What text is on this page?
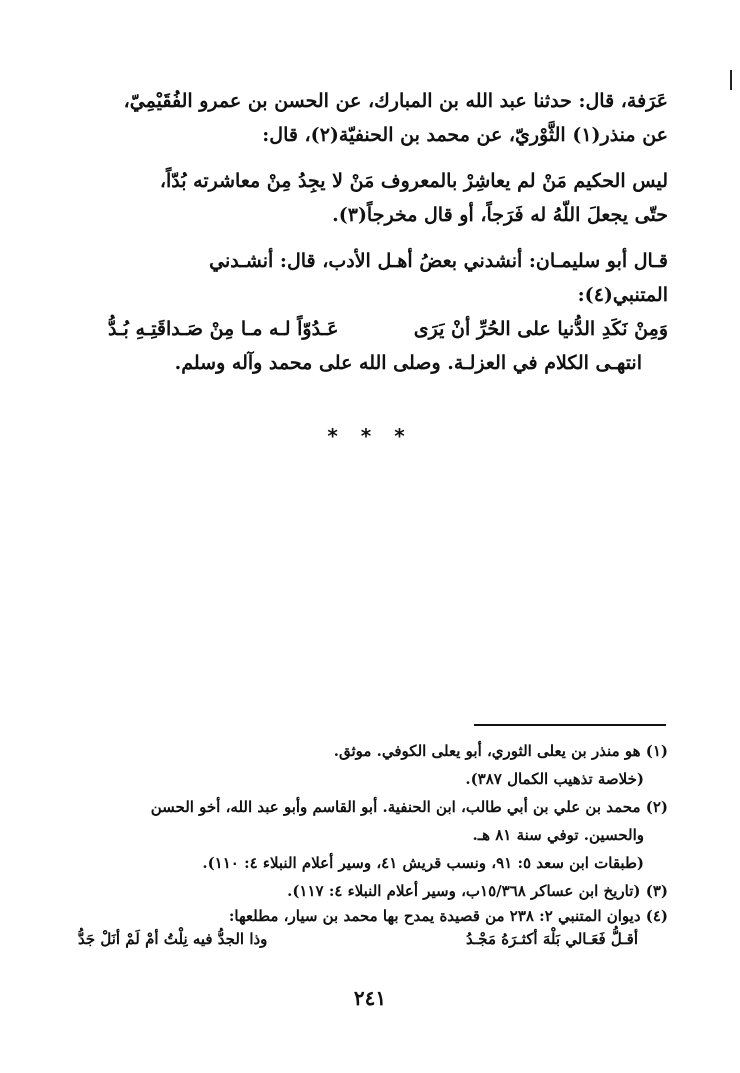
عَرَفة، قال: حدثنا عبد الله بن المبارك، عن الحسن بن عمرو الفُقَيْمِيّ،
عن منذر(١) الثَّوْريّ، عن محمد بن الحنفيّة(٢)، قال:
ليس الحكيم مَنْ لم يعاشِرْ بالمعروف مَنْ لا يجِدُ مِنْ معاشرته بُدّاً،
حتّى يجعلَ اللّهُ له فَرَجاً، أو قال مخرجاً(٣).
قـال أبو سليمـان: أنشدني بعضُ أهـل الأدب، قال: أنشـدني
المتنبي(٤):
وَمِنْ نَكَدِ الدُّنيا على الحُرِّ أنْ يَرَى
عَـدُوّاً لـه مـا مِنْ صَـداقَتِـهِ بُـدُّ
انتهـى الكلام في العزلـة. وصلى الله على محمد وآله وسلم.
* * *
(١) هو منذر بن يعلى الثوري، أبو يعلى الكوفي. موثق.
(خلاصة تذهيب الكمال ٣٨٧).
(٢) محمد بن علي بن أبي طالب، ابن الحنفية. أبو القاسم وأبو عبد الله، أخو الحسن
والحسين. توفي سنة ٨١ هـ.
(طبقات ابن سعد ٥: ٩١، ونسب قريش ٤١، وسير أعلام النبلاء ٤: ١١٠).
(٣) (تاريخ ابن عساكر ١٥/٣٦٨ب، وسير أعلام النبلاء ٤: ١١٧).
(٤) ديوان المتنبي ٢: ٢٣٨ من قصيدة يمدح بها محمد بن سيار، مطلعها:
أقـلُّ فَعَـالي بَلْهَ أكثـرَهُ مَجْـدُ
وذا الجدُّ فيه نِلْتُ أمْ لَمْ أنَلْ جَدُّ
٢٤١
